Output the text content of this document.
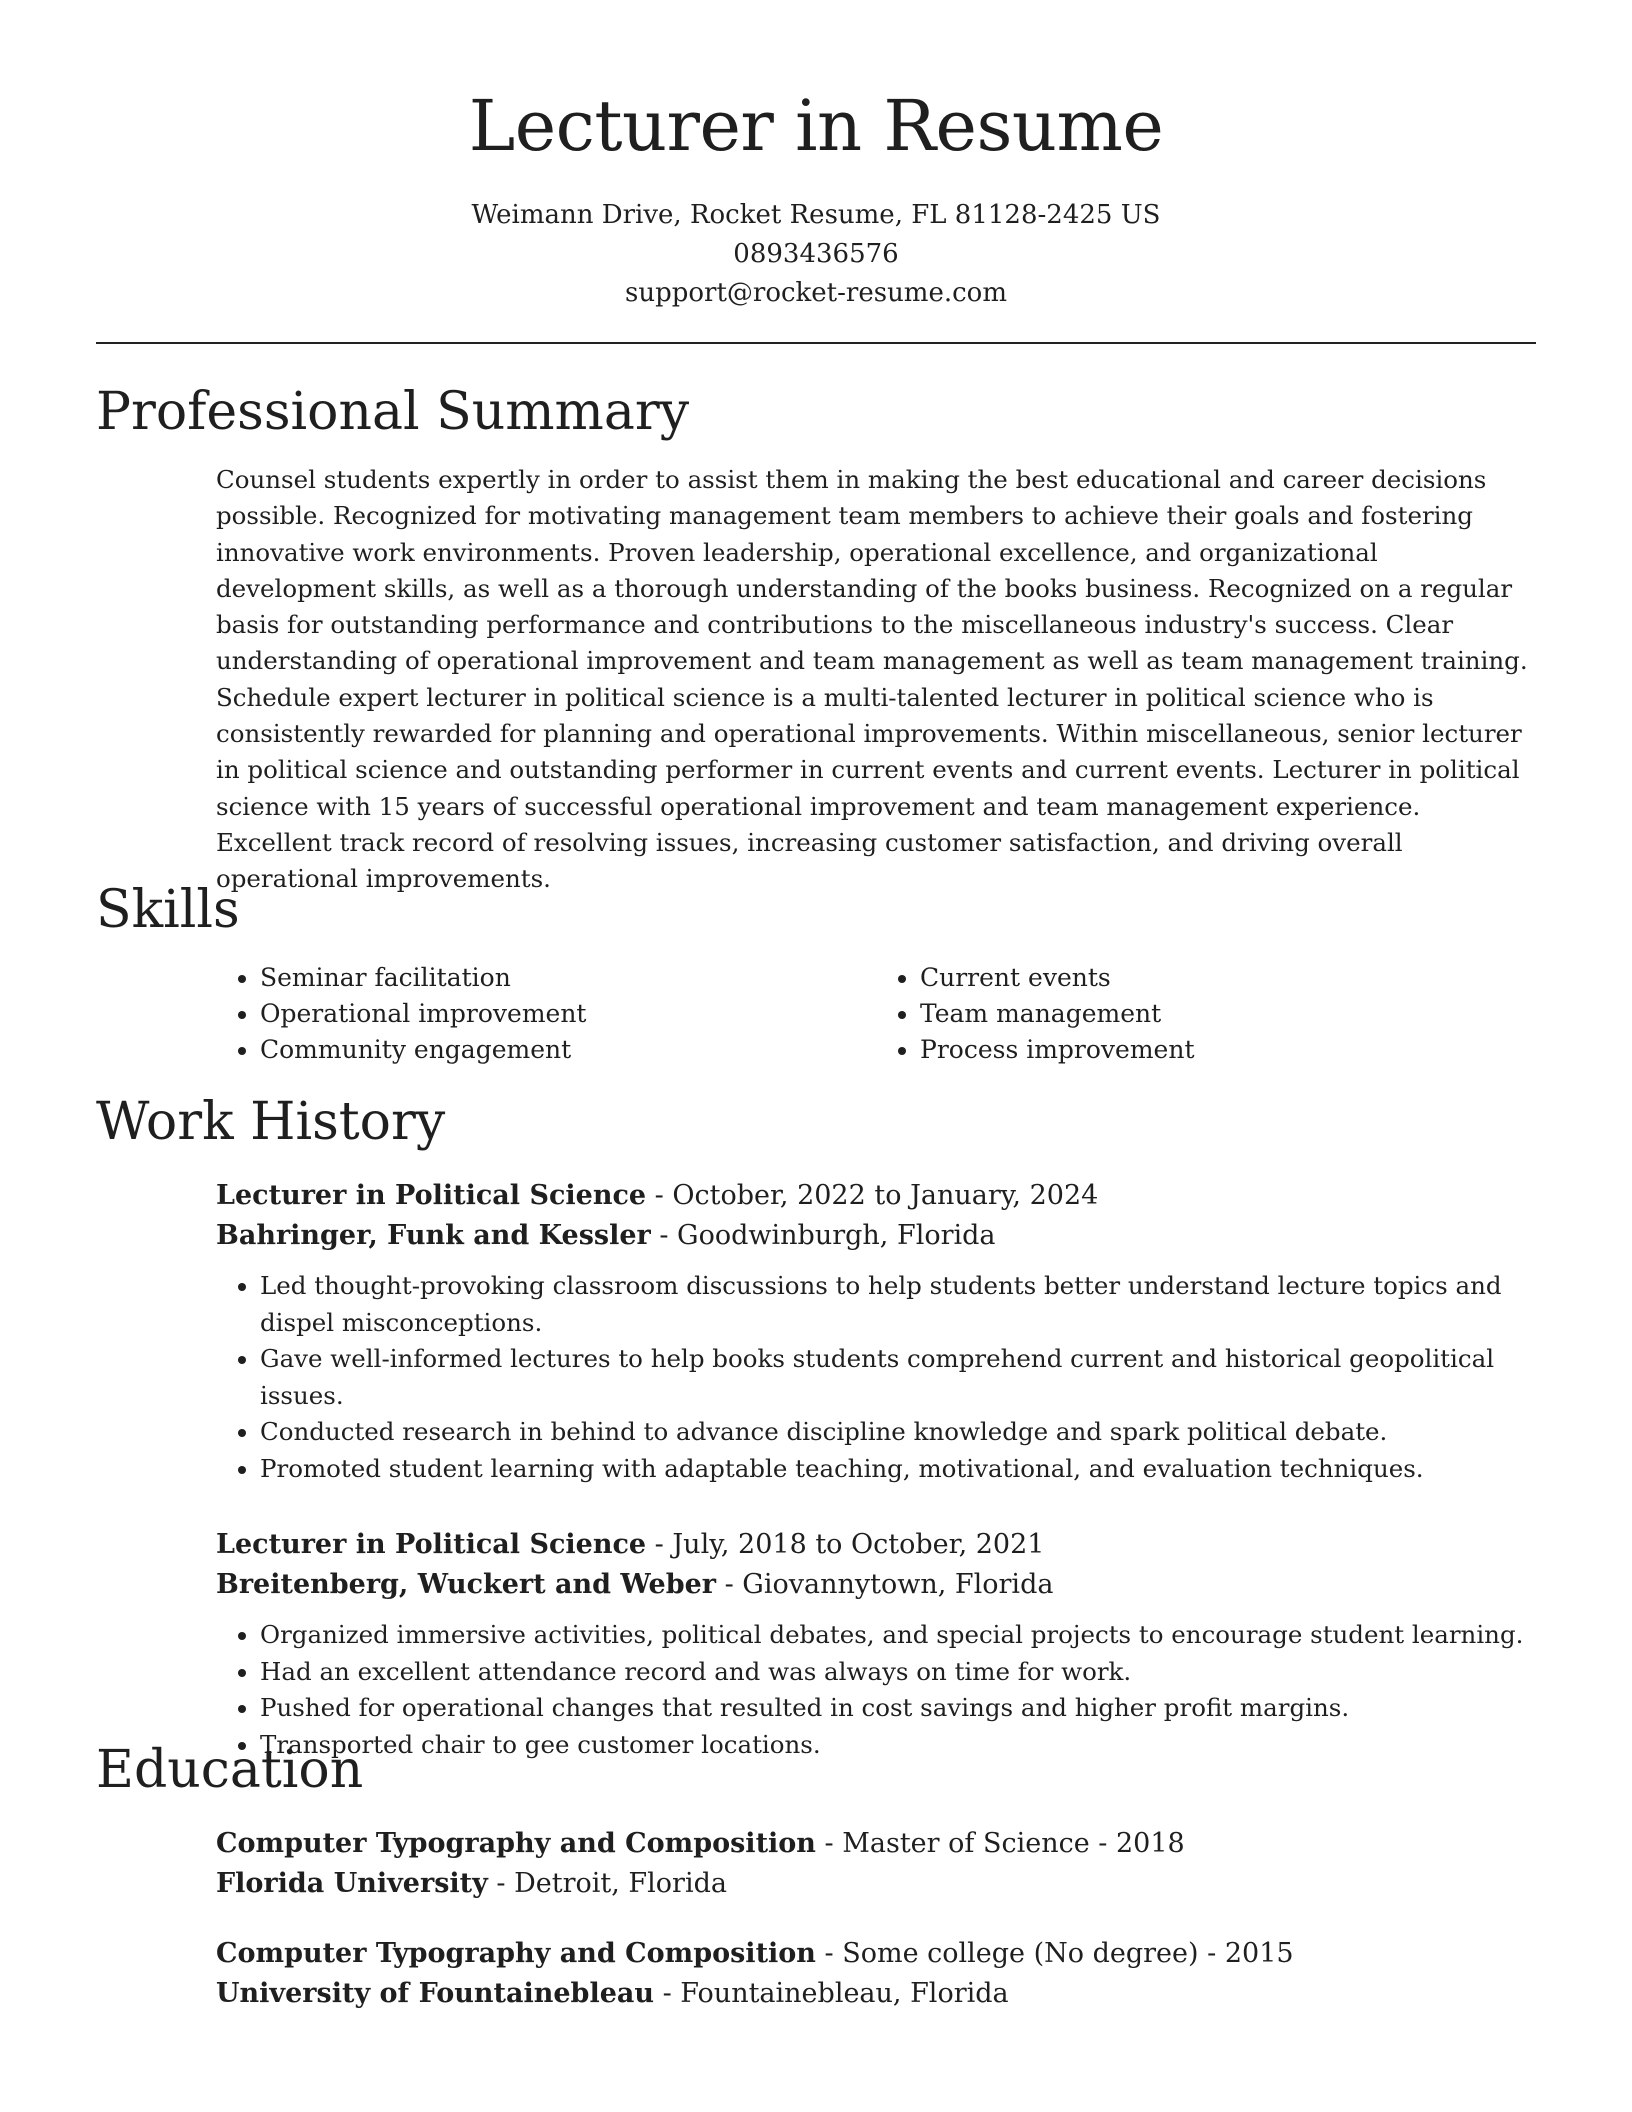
Lecturer in Resume
Weimann Drive, Rocket Resume, FL 81128-2425 US
0893436576
support@rocket-resume.com
Professional Summary
Counsel students expertly in order to assist them in making the best educational and career decisions possible. Recognized for motivating management team members to achieve their goals and fostering innovative work environments. Proven leadership, operational excellence, and organizational development skills, as well as a thorough understanding of the books business. Recognized on a regular basis for outstanding performance and contributions to the miscellaneous industry's success. Clear understanding of operational improvement and team management as well as team management training. Schedule expert lecturer in political science is a multi-talented lecturer in political science who is consistently rewarded for planning and operational improvements. Within miscellaneous, senior lecturer in political science and outstanding performer in current events and current events. Lecturer in political science with 15 years of successful operational improvement and team management experience. Excellent track record of resolving issues, increasing customer satisfaction, and driving overall operational improvements.
Skills
• Seminar facilitation
• Operational improvement
• Community engagement
• Current events
• Team management
• Process improvement
Work History
Lecturer in Political Science - October, 2022 to January, 2024
Bahringer, Funk and Kessler - Goodwinburgh, Florida
• Led thought-provoking classroom discussions to help students better understand lecture topics and dispel misconceptions.
• Gave well-informed lectures to help books students comprehend current and historical geopolitical issues.
• Conducted research in behind to advance discipline knowledge and spark political debate.
• Promoted student learning with adaptable teaching, motivational, and evaluation techniques.
Lecturer in Political Science - July, 2018 to October, 2021
Breitenberg, Wuckert and Weber - Giovannytown, Florida
• Organized immersive activities, political debates, and special projects to encourage student learning.
• Had an excellent attendance record and was always on time for work.
• Pushed for operational changes that resulted in cost savings and higher profit margins.
• Transported chair to gee customer locations.
Education
Computer Typography and Composition - Master of Science - 2018
Florida University - Detroit, Florida
Computer Typography and Composition - Some college (No degree) - 2015
University of Fountainebleau - Fountainebleau, Florida
